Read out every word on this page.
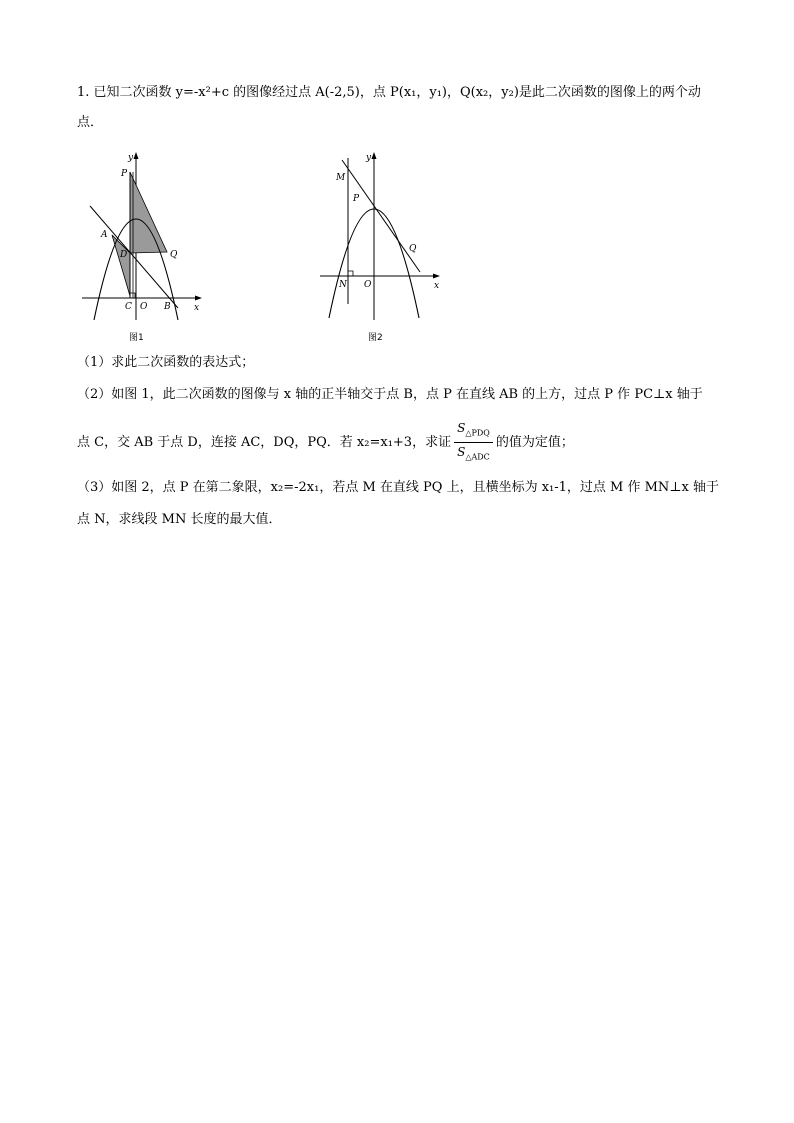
1. 已知二次函数 y=-x²+c 的图像经过点 A(-2,5)，点 P(x₁，y₁)，Q(x₂，y₂)是此二次函数的图像上的两个动
点．
y
x
P
A
D	Q
C O B
图1
y
x
M
P
Q
N O
图2
（1）求此二次函数的表达式；
（2）如图 1，此二次函数的图像与 x 轴的正半轴交于点 B，点 P 在直线 AB 的上方，过点 P 作 PC⊥x 轴于
点 C，交 AB 于点 D，连接 AC，DQ，PQ．若 x₂=x₁+3，求证 $\frac{S_{\triangle PDQ}}{S_{\triangle ADC}}$ 的值为定值；
（3）如图 2，点 P 在第二象限，x₂=-2x₁，若点 M 在直线 PQ 上，且横坐标为 x₁-1，过点 M 作 MN⊥x 轴于
点 N，求线段 MN 长度的最大值．
